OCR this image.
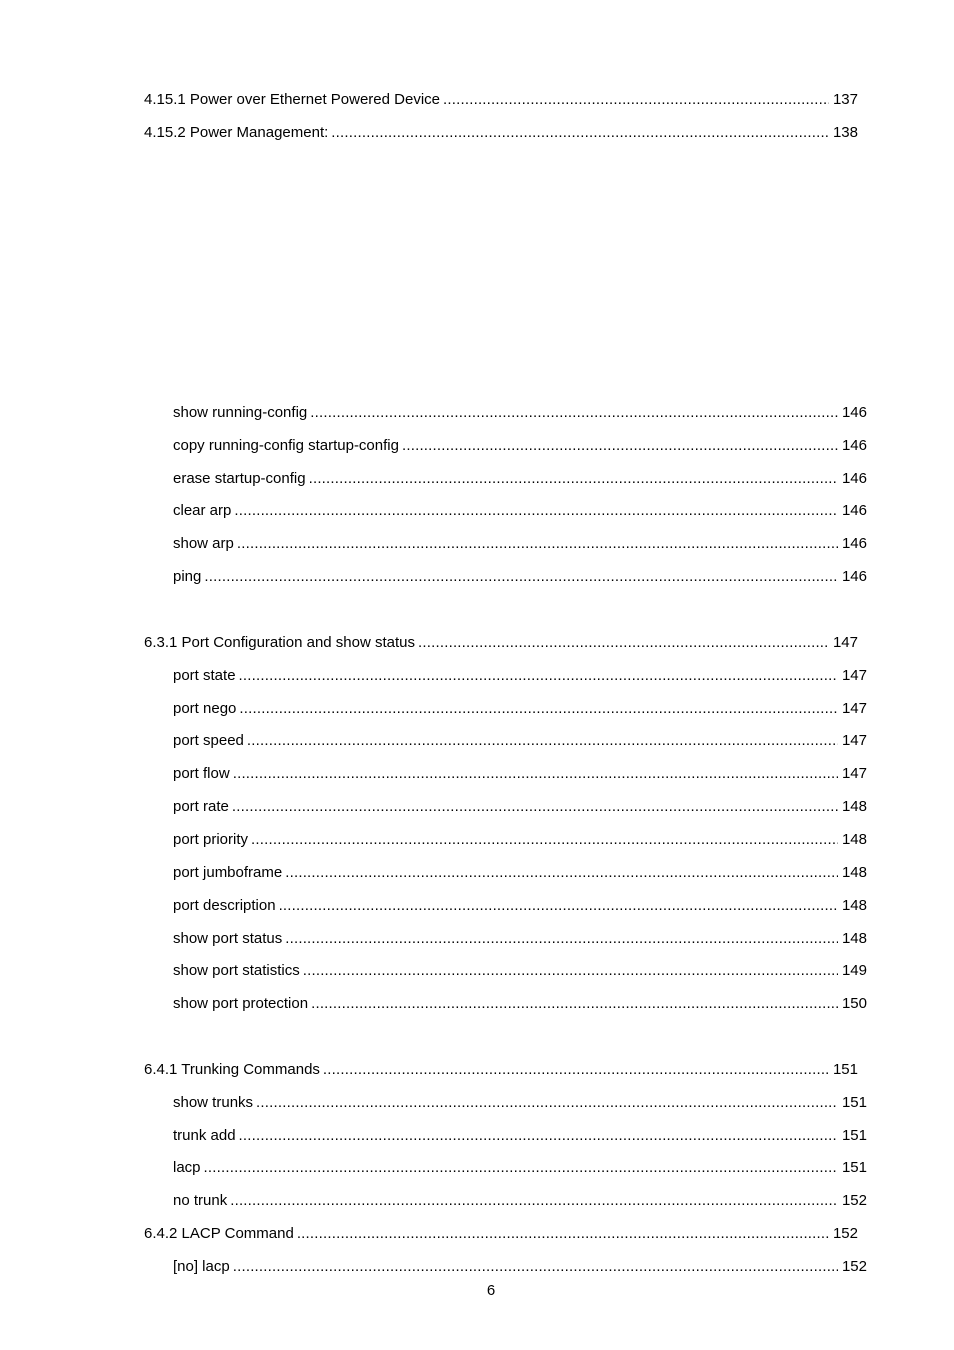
4.15.1 Power over Ethernet Powered Device .....	137
4.15.2 Power Management: .....	138
show running-config .....	146
copy running-config startup-config .....	146
erase startup-config .....	146
clear arp .....	146
show arp .....	146
ping .....	146
6.3.1 Port Configuration and show status .....	147
port state .....	147
port nego .....	147
port speed .....	147
port flow .....	147
port rate .....	148
port priority .....	148
port jumboframe .....	148
port description .....	148
show port status .....	148
show port statistics .....	149
show port protection .....	150
6.4.1 Trunking Commands .....	151
show trunks .....	151
trunk add .....	151
lacp .....	151
no trunk .....	152
6.4.2 LACP Command .....	152
[no] lacp .....	152
6
